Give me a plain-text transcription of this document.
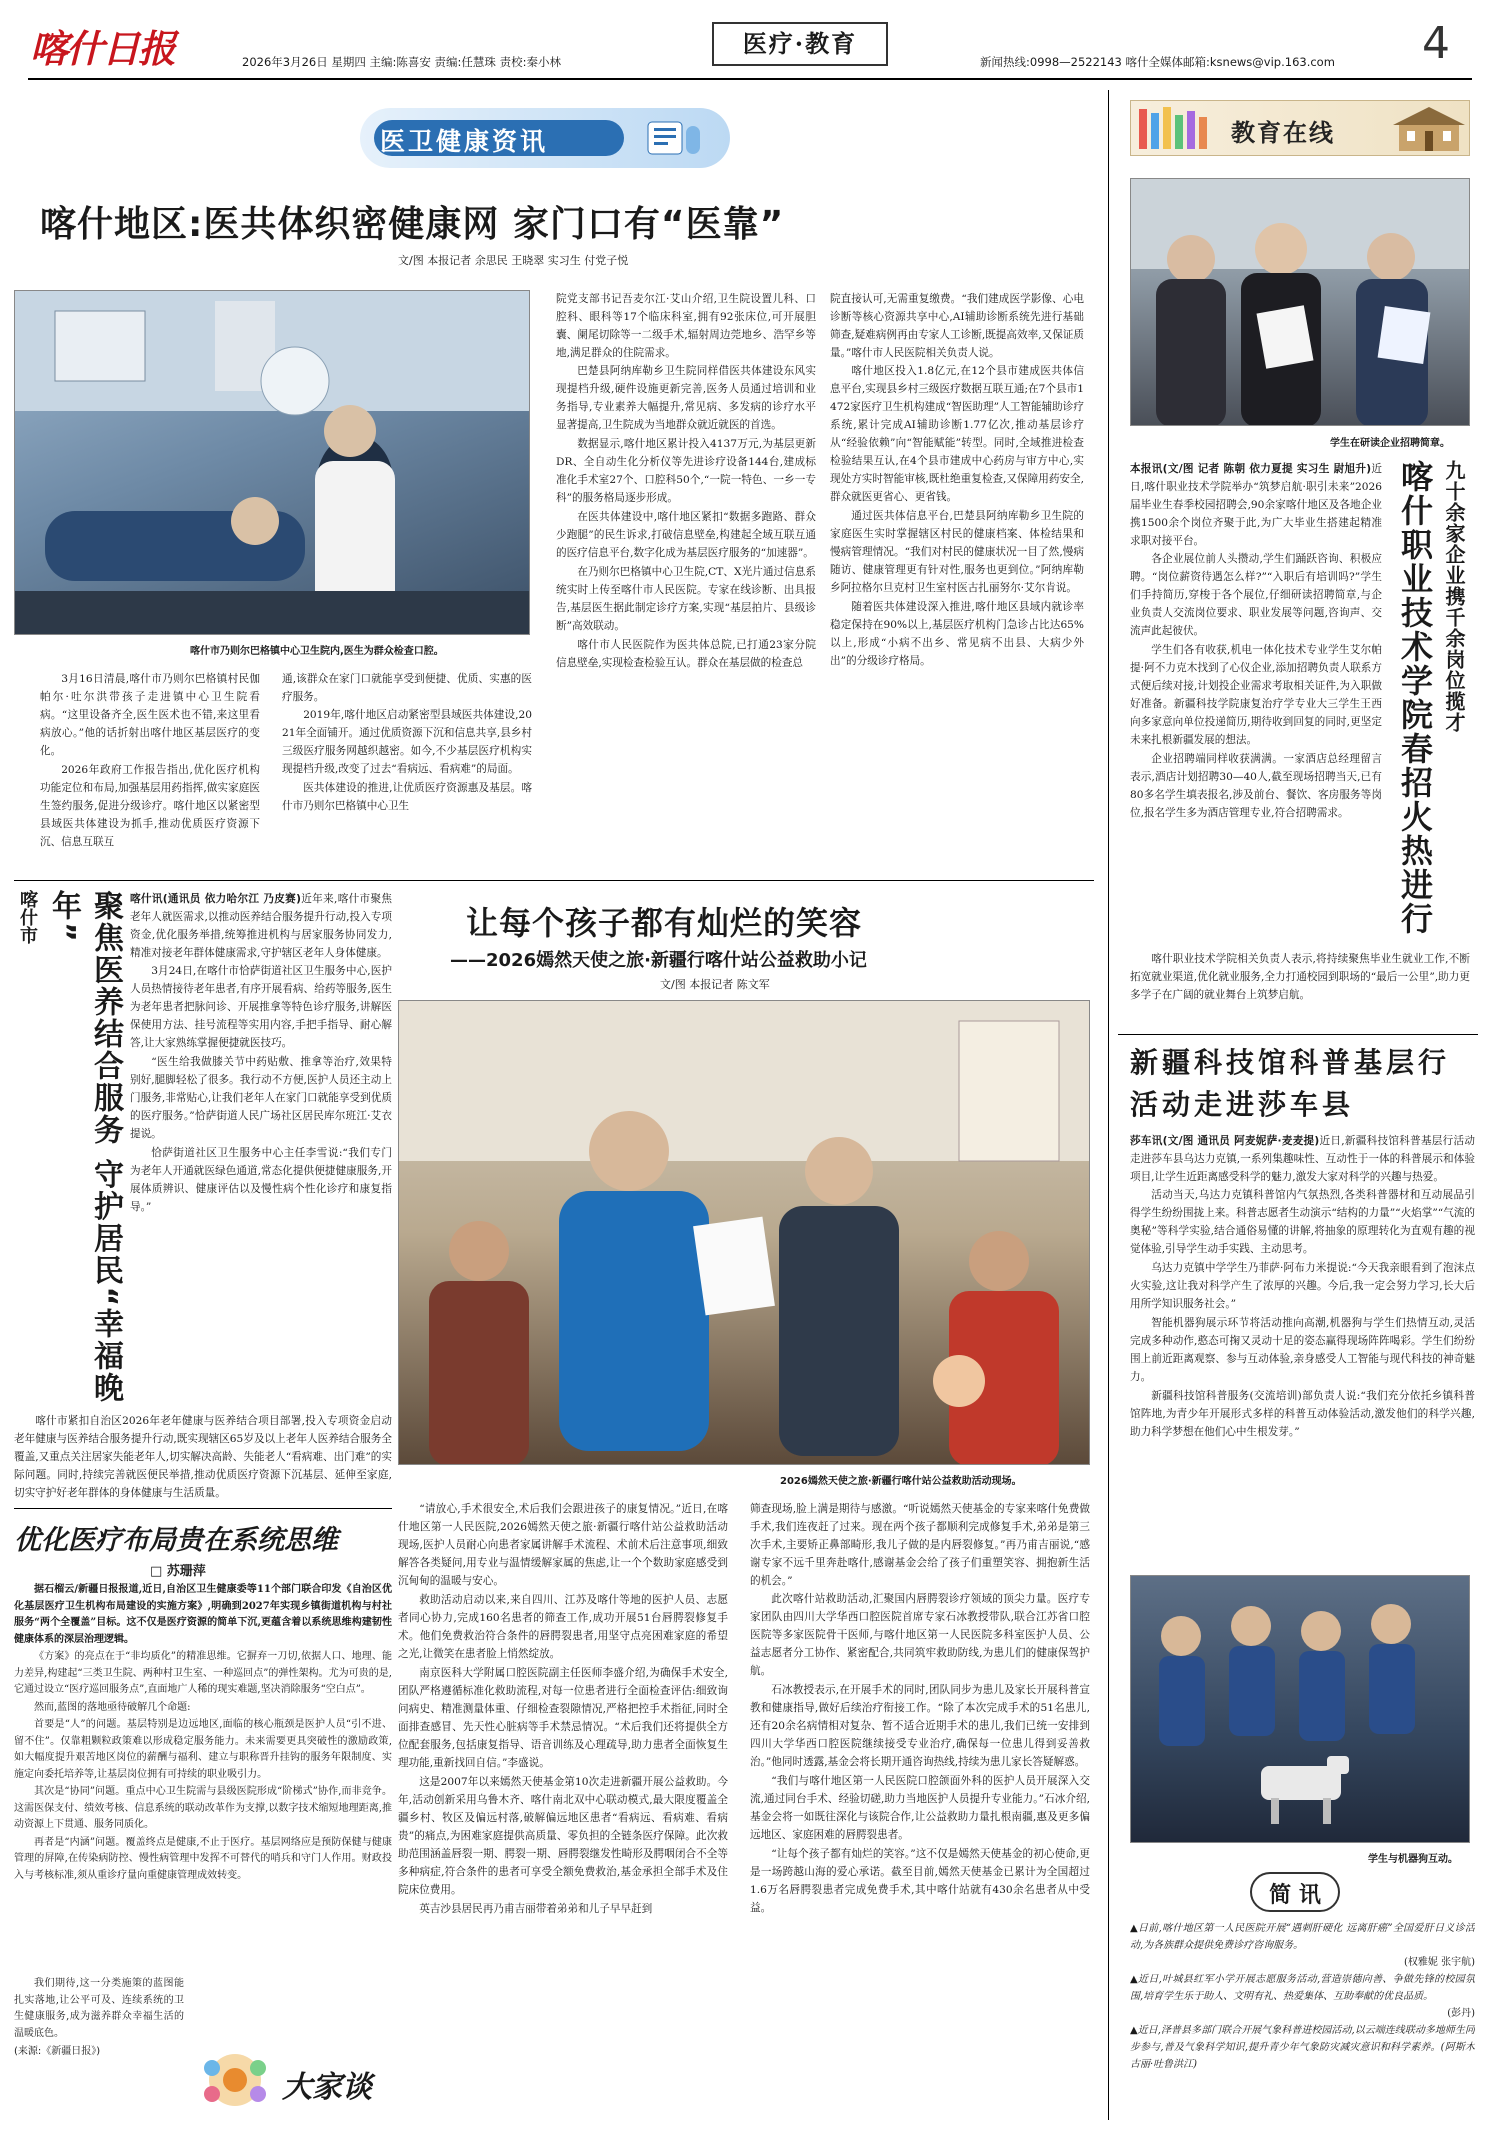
喀什日报	2026年3月26日 星期四 主编:陈喜安 责编:任慧珠 责校:秦小林
医疗·教育
新闻热线:0998—2522143 喀什全媒体邮箱:ksnews@vip.163.com 4
医卫健康资讯	教育在线
喀什地区:医共体织密健康网 家门口有“医靠”
文/图 本报记者 余思民 王晓翠 实习生 付党子悦
喀什市乃则尔巴格镇中心卫生院内,医生为群众检查口腔。

3月16日清晨,喀什市乃则尔巴格镇村民伽帕尔·吐尔洪带孩子走进镇中心卫生院看病。“这里设备齐全,医生医术也不错,来这里看病放心。”他的话折射出喀什地区基层医疗的变化。

2026年政府工作报告指出,优化医疗机构功能定位和布局,加强基层用药指挥,做实家庭医生签约服务,促进分级诊疗。喀什地区以紧密型县域医共体建设为抓手,推动优质医疗资源下沉、信息互联互

通,该群众在家门口就能享受到便捷、优质、实惠的医疗服务。

2019年,喀什地区启动紧密型县域医共体建设,2021年全面铺开。通过优质资源下沉和信息共享,县乡村三级医疗服务网越织越密。如今,不少基层医疗机构实现提档升级,改变了过去“看病远、看病难”的局面。

医共体建设的推进,让优质医疗资源惠及基层。喀什市乃则尔巴格镇中心卫生

院党支部书记吾麦尔江·艾山介绍,卫生院设置儿科、口腔科、眼科等17个临床科室,拥有92张床位,可开展胆囊、阑尾切除等一二级手术,辐射周边莞地乡、浩罕乡等地,满足群众的住院需求。

巴楚县阿纳库勒乡卫生院同样借医共体建设东风实现提档升级,硬件设施更新完善,医务人员通过培训和业务指导,专业素养大幅提升,常见病、多发病的诊疗水平显著提高,卫生院成为当地群众就近就医的首选。

数据显示,喀什地区累计投入4137万元,为基层更新DR、全自动生化分析仪等先进诊疗设备144台,建成标准化手术室27个、口腔科50个,“一院一特色、一乡一专科”的服务格局逐步形成。

在医共体建设中,喀什地区紧扣“数据多跑路、群众少跑腿”的民生诉求,打破信息壁垒,构建起全域互联互通的医疗信息平台,数字化成为基层医疗服务的“加速器”。

在乃则尔巴格镇中心卫生院,CT、X光片通过信息系统实时上传至喀什市人民医院。专家在线诊断、出具报告,基层医生据此制定诊疗方案,实现“基层拍片、县级诊断”高效联动。

喀什市人民医院作为医共体总院,已打通23家分院信息壁垒,实现检查检验互认。群众在基层做的检查总

院直接认可,无需重复缴费。“我们建成医学影像、心电诊断等核心资源共享中心,AI辅助诊断系统先进行基础筛查,疑难病例再由专家人工诊断,既提高效率,又保证质量。”喀什市人民医院相关负责人说。

喀什地区投入1.8亿元,在12个县市建成医共体信息平台,实现县乡村三级医疗数据互联互通;在7个县市1472家医疗卫生机构建成“智医助理”人工智能辅助诊疗系统,累计完成AI辅助诊断1.77亿次,推动基层诊疗从“经验依赖”向“智能赋能”转型。同时,全域推进检查检验结果互认,在4个县市建成中心药房与审方中心,实现处方实时智能审核,既杜绝重复检查,又保障用药安全,群众就医更省心、更省钱。

通过医共体信息平台,巴楚县阿纳库勒乡卫生院的家庭医生实时掌握辖区村民的健康档案、体检结果和慢病管理情况。“我们对村民的健康状况一目了然,慢病随访、健康管理更有针对性,服务也更到位。”阿纳库勒乡阿拉格尔旦克村卫生室村医古扎丽努尔·艾尔肯说。

随着医共体建设深入推进,喀什地区县域内就诊率稳定保持在90%以上,基层医疗机构门急诊占比达65%以上,形成“小病不出乡、常见病不出县、大病少外出”的分级诊疗格局。

喀什市	聚焦医养结合服务 守护居民“幸福晚年”	喀什讯(通讯员 依力哈尔江 乃皮赛)近年来,喀什市聚焦老年人就医需求,以推动医养结合服务提升行动,投入专项资金,优化服务举措,统筹推进机构与居家服务协同发力,精准对接老年群体健康需求,守护辖区老年人身体健康。

3月24日,在喀什市恰萨街道社区卫生服务中心,医护人员热情接待老年患者,有序开展看病、给药等服务,医生为老年患者把脉问诊、开展推拿等特色诊疗服务,讲解医保使用方法、挂号流程等实用内容,手把手指导、耐心解答,让大家熟练掌握便捷就医技巧。

“医生给我做膝关节中药贴敷、推拿等治疗,效果特别好,腿脚轻松了很多。我行动不方便,医护人员还主动上门服务,非常贴心,让我们老年人在家门口就能享受到优质的医疗服务。”恰萨街道人民广场社区居民库尔班江·艾衣提说。

恰萨街道社区卫生服务中心主任李雪说:“我们专门为老年人开通就医绿色通道,常态化提供便捷健康服务,开展体质辨识、健康评估以及慢性病个性化诊疗和康复指导。”

喀什市紧扣自治区2026年老年健康与医养结合项目部署,投入专项资金启动老年健康与医养结合服务提升行动,既实现辖区65岁及以上老年人医养结合服务全覆盖,又重点关注居家失能老年人,切实解决高龄、失能老人“看病难、出门难”的实际问题。同时,持续完善就医便民举措,推动优质医疗资源下沉基层、延伸至家庭,切实守护好老年群体的身体健康与生活质量。

让每个孩子都有灿烂的笑容
——2026嫣然天使之旅·新疆行喀什站公益救助小记
文/图 本报记者 陈文军
2026嫣然天使之旅·新疆行喀什站公益救助活动现场。

“请放心,手术很安全,术后我们会跟进孩子的康复情况。”近日,在喀什地区第一人民医院,2026嫣然天使之旅·新疆行喀什站公益救助活动现场,医护人员耐心向患者家属讲解手术流程、术前术后注意事项,细致解答各类疑问,用专业与温情缓解家属的焦虑,让一个个数助家庭感受到沉甸甸的温暖与安心。

救助活动启动以来,来自四川、江苏及喀什等地的医护人员、志愿者同心协力,完成160名患者的筛查工作,成功开展51台唇腭裂修复手术。他们免费救治符合条件的唇腭裂患者,用坚守点亮困难家庭的希望之光,让微笑在患者脸上悄然绽放。

南京医科大学附属口腔医院副主任医师李盛介绍,为确保手术安全,团队严格遵循标准化救助流程,对每一位患者进行全面检查评估:细致询问病史、精准测量体重、仔细检查裂隙情况,严格把控手术指征,同时全面排查感冒、先天性心脏病等手术禁忌情况。“术后我们还将提供全方位配套服务,包括康复指导、语音训练及心理疏导,助力患者全面恢复生理功能,重新找回自信。”李盛说。

这是2007年以来嫣然天使基金第10次走进新疆开展公益救助。今年,活动创新采用乌鲁木齐、喀什南北双中心联动模式,最大限度覆盖全疆乡村、牧区及偏远村落,破解偏远地区患者“看病远、看病难、看病贵”的痛点,为困难家庭提供高质量、零负担的全链条医疗保障。此次救助范围涵盖唇裂一期、腭裂一期、唇腭裂继发性畸形及腭咽闭合不全等多种病症,符合条件的患者可享受全额免费救治,基金承担全部手术及住院床位费用。

英吉沙县居民再乃甫吉丽带着弟弟和儿子早早赶到

筛查现场,脸上满是期待与感激。“听说嫣然天使基金的专家来喀什免费做手术,我们连夜赶了过来。现在两个孩子都顺利完成修复手术,弟弟是第三次手术,主要矫正鼻部畸形,我儿子做的是内唇裂修复。”再乃甫吉丽说,“感谢专家不远千里奔赴喀什,感谢基金会给了孩子们重塑笑容、拥抱新生活的机会。”

此次喀什站救助活动,汇聚国内唇腭裂诊疗领域的顶尖力量。医疗专家团队由四川大学华西口腔医院首席专家石冰教授带队,联合江苏省口腔医院等多家医院骨干医师,与喀什地区第一人民医院多科室医护人员、公益志愿者分工协作、紧密配合,共同筑牢救助防线,为患儿们的健康保驾护航。

石冰教授表示,在开展手术的同时,团队同步为患儿及家长开展科普宣教和健康指导,做好后续治疗衔接工作。“除了本次完成手术的51名患儿,还有20余名病情相对复杂、暂不适合近期手术的患儿,我们已统一安排到四川大学华西口腔医院继续接受专业治疗,确保每一位患儿得到妥善救治。”他同时透露,基金会将长期开通咨询热线,持续为患儿家长答疑解惑。

“我们与喀什地区第一人民医院口腔颌面外科的医护人员开展深入交流,通过同台手术、经验切磋,助力当地医护人员提升专业能力。”石冰介绍,基金会将一如既往深化与该院合作,让公益救助力量扎根南疆,惠及更多偏远地区、家庭困难的唇腭裂患者。

“让每个孩子都有灿烂的笑容。”这不仅是嫣然天使基金的初心使命,更是一场跨越山海的爱心承诺。截至目前,嫣然天使基金已累计为全国超过1.6万名唇腭裂患者完成免费手术,其中喀什站就有430余名患者从中受益。

优化医疗布局贵在系统思维
□ 苏珊萍

据石榴云/新疆日报报道,近日,自治区卫生健康委等11个部门联合印发《自治区优化基层医疗卫生机构布局建设的实施方案》,明确到2027年实现乡镇街道机构与村社服务“两个全覆盖”目标。这不仅是医疗资源的简单下沉,更蕴含着以系统思维构建韧性健康体系的深层治理逻辑。

《方案》的亮点在于“非均质化”的精准思维。它摒弃一刀切,依据人口、地理、能力差异,构建起“三类卫生院、两种村卫生室、一种巡回点”的弹性架构。尤为可贵的是,它通过设立“医疗巡回服务点”,直面地广人稀的现实难题,坚决消除服务“空白点”。

然而,蓝图的落地亟待破解几个命题:

首要是“人”的问题。基层特别是边远地区,面临的核心瓶颈是医护人员“引不进、留不住”。仅靠粗颗粒政策难以形成稳定服务能力。未来需要更具突破性的激励政策,如大幅度提升艰苦地区岗位的薪酬与福利、建立与职称晋升挂钩的服务年限制度、实施定向委托培养等,让基层岗位拥有可持续的职业吸引力。

其次是“协同”问题。重点中心卫生院需与县级医院形成“阶梯式”协作,而非竞争。这需医保支付、绩效考核、信息系统的联动改革作为支撑,以数字技术缩短地理距离,推动资源上下贯通、服务同质化。

再者是“内涵”问题。覆盖终点是健康,不止于医疗。基层网络应是预防保健与健康管理的屏障,在传染病防控、慢性病管理中发挥不可替代的哨兵和守门人作用。财政投入与考核标准,须从重诊疗量向重健康管理成效转变。

我们期待,这一分类施策的蓝图能扎实落地,让公平可及、连续系统的卫生健康服务,成为滋养群众幸福生活的温暖底色。

(来源:《新疆日报》)

大家谈
学生在研读企业招聘简章。
九十余家企业携千余岗位揽才
喀什职业技术学院春招火热进行

本报讯(文/图 记者 陈朝 依力夏提 实习生 尉旭升)近日,喀什职业技术学院举办“筑梦启航·职引未来”2026届毕业生春季校园招聘会,90余家喀什地区及各地企业携1500余个岗位齐聚于此,为广大毕业生搭建起精准求职对接平台。

各企业展位前人头攒动,学生们踊跃咨询、积极应聘。“岗位薪资待遇怎么样?”“入职后有培训吗?”学生们手持简历,穿梭于各个展位,仔细研读招聘简章,与企业负责人交流岗位要求、职业发展等问题,咨询声、交流声此起彼伏。

学生们各有收获,机电一体化技术专业学生艾尔帕提·阿不力克木找到了心仪企业,添加招聘负责人联系方式便后续对接,计划投企业需求考取相关证件,为入职做好准备。新疆科技学院康复治疗学专业大三学生王西向多家意向单位投递简历,期待收到回复的同时,更坚定未来扎根新疆发展的想法。

企业招聘端同样收获满满。一家酒店总经理留言表示,酒店计划招聘30—40人,截至现场招聘当天,已有80多名学生填表报名,涉及前台、餐饮、客房服务等岗位,报名学生多为酒店管理专业,符合招聘需求。

喀什职业技术学院相关负责人表示,将持续聚焦毕业生就业工作,不断拓宽就业渠道,优化就业服务,全力打通校园到职场的“最后一公里”,助力更多学子在广阔的就业舞台上筑梦启航。

新疆科技馆科普基层行活动走进莎车县

莎车讯(文/图 通讯员 阿麦妮萨·麦麦提)近日,新疆科技馆科普基层行活动走进莎车县乌达力克镇,一系列集趣味性、互动性于一体的科普展示和体验项目,让学生近距离感受科学的魅力,激发大家对科学的兴趣与热爱。

活动当天,乌达力克镇科普馆内气氛热烈,各类科普器材和互动展品引得学生纷纷围拢上来。科普志愿者生动演示“结构的力量”“火焰掌”“气流的奥秘”等科学实验,结合通俗易懂的讲解,将抽象的原理转化为直观有趣的视觉体验,引导学生动手实践、主动思考。

乌达力克镇中学学生乃菲萨·阿布力米提说:“今天我亲眼看到了泡沫点火实验,这让我对科学产生了浓厚的兴趣。今后,我一定会努力学习,长大后用所学知识服务社会。”

智能机器狗展示环节将活动推向高潮,机器狗与学生们热情互动,灵活完成多种动作,憨态可掬又灵动十足的姿态赢得现场阵阵喝彩。学生们纷纷围上前近距离观察、参与互动体验,亲身感受人工智能与现代科技的神奇魅力。

新疆科技馆科普服务(交流培训)部负责人说:“我们充分依托乡镇科普馆阵地,为青少年开展形式多样的科普互动体验活动,激发他们的科学兴趣,助力科学梦想在他们心中生根发芽。”

学生与机器狗互动。
简 讯

▲日前,喀什地区第一人民医院开展“遇刺肝硬化 远离肝癌”全国爱肝日义诊活动,为各族群众提供免费诊疗咨询服务。

(权雅妮 张宇航)

▲近日,叶城县红军小学开展志愿服务活动,营造崇德向善、争做先锋的校园氛围,培育学生乐于助人、文明有礼、热爱集体、互助奉献的优良品质。

(彭丹)

▲近日,泽普县多部门联合开展气象科普进校园活动,以云端连线联动多地师生同步参与,普及气象科学知识,提升青少年气象防灾减灾意识和科学素养。(阿斯木古丽·吐鲁洪江)
